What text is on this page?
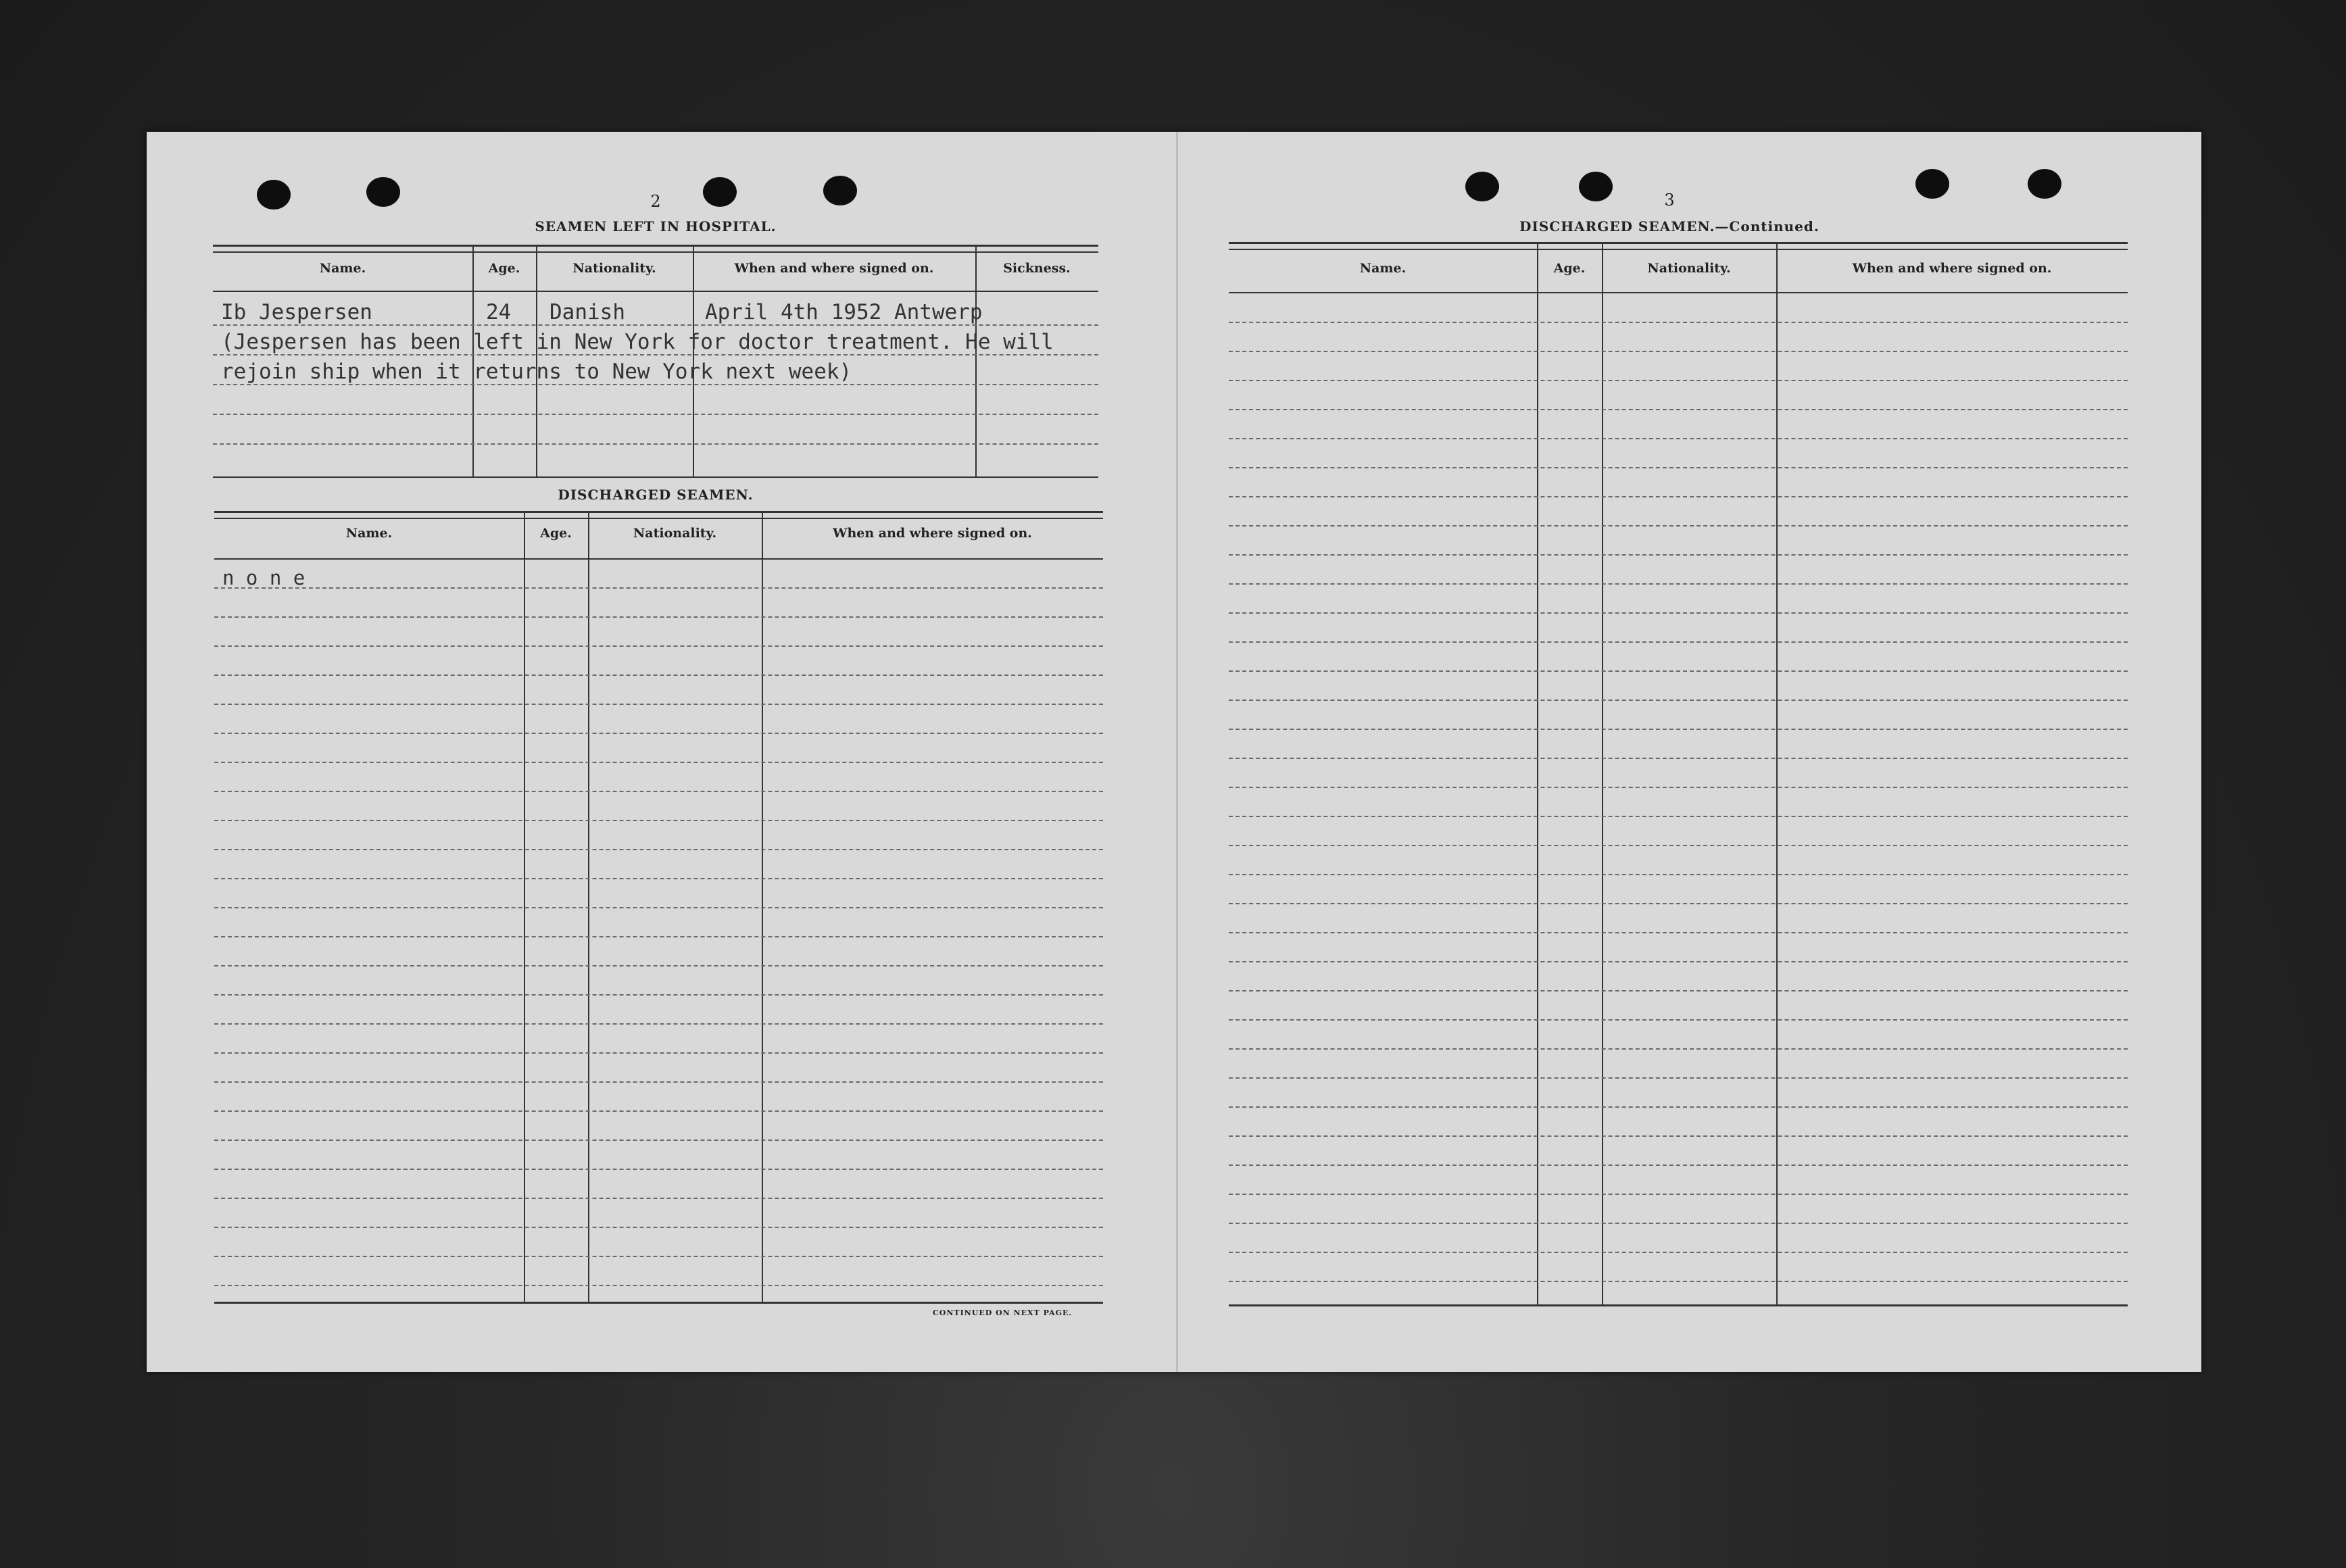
2
SEAMEN LEFT IN HOSPITAL.
Name.	Age.	Nationality.	When and where signed on.	Sickness.
Ib Jespersen	24 Danish	April 4th 1952 Antwerp
(Jespersen has been left in New York for doctor treatment. He will
rejoin ship when it returns to New York next week)
DISCHARGED SEAMEN.
Name.	Age.	Nationality.	When and where signed on.
n o n e
CONTINUED ON NEXT PAGE.
3
DISCHARGED SEAMEN.—Continued.
Name.	Age.	Nationality.	When and where signed on.
